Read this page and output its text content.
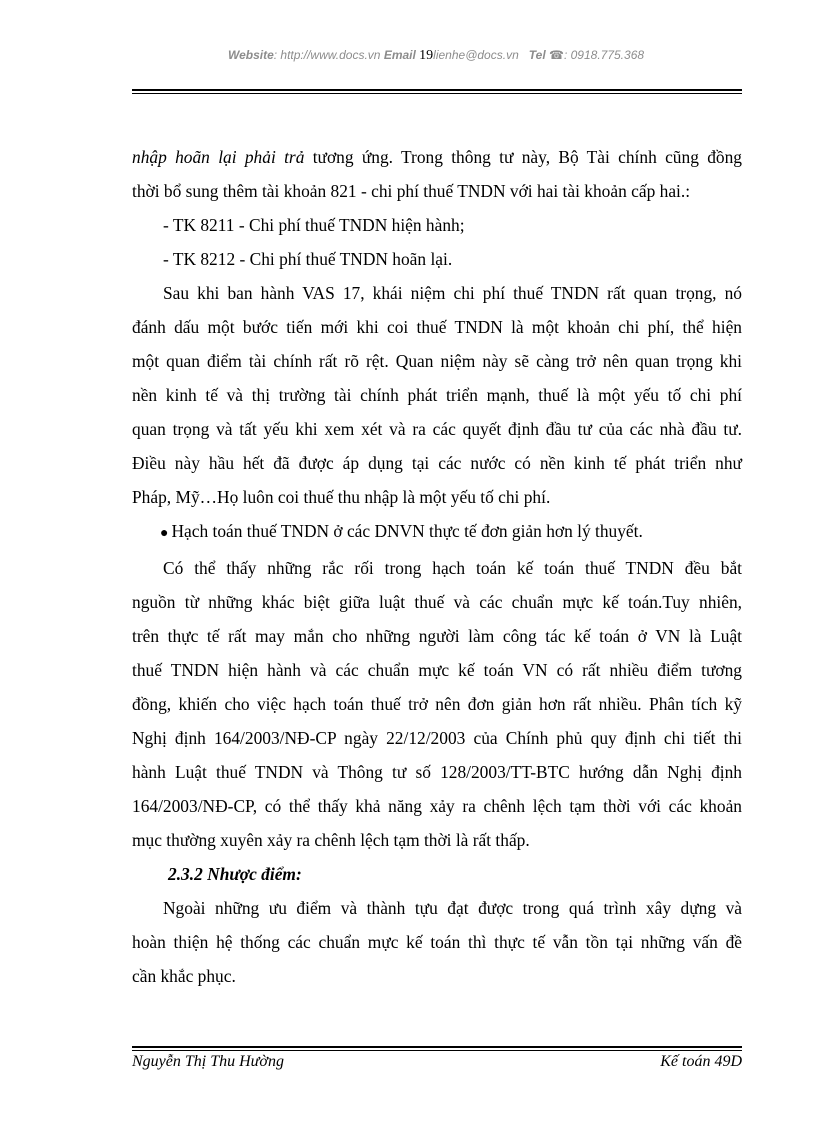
Website: http://www.docs.vn Email 19lienhe@docs.vn Tel ☎: 0918.775.368

nhập hoãn lại phải trả tương ứng. Trong thông tư này, Bộ Tài chính cũng đồng

thời bổ sung thêm tài khoản 821 - chi phí thuế TNDN với hai tài khoản cấp hai.:

- TK 8211 - Chi phí thuế TNDN hiện hành;

- TK 8212 - Chi phí thuế TNDN hoãn lại.

Sau khi ban hành VAS 17, khái niệm chi phí thuế TNDN rất quan trọng, nó

đánh dấu một bước tiến mới khi coi thuế TNDN là một khoản chi phí, thể hiện

một quan điểm tài chính rất rõ rệt. Quan niệm này sẽ càng trở nên quan trọng khi

nền kinh tế và thị trường tài chính phát triển mạnh, thuế là một yếu tố chi phí

quan trọng và tất yếu khi xem xét và ra các quyết định đầu tư của các nhà đầu tư.

Điều này hầu hết đã được áp dụng tại các nước có nền kinh tế phát triển như

Pháp, Mỹ…Họ luôn coi thuế thu nhập là một yếu tố chi phí.

● Hạch toán thuế TNDN ở các DNVN thực tế đơn giản hơn lý thuyết.

Có thể thấy những rắc rối trong hạch toán kế toán thuế TNDN đều bắt

nguồn từ những khác biệt giữa luật thuế và các chuẩn mực kế toán.Tuy nhiên,

trên thực tế rất may mắn cho những người làm công tác kế toán ở VN là Luật

thuế TNDN hiện hành và các chuẩn mực kế toán VN có rất nhiều điểm tương

đồng, khiến cho việc hạch toán thuế trở nên đơn giản hơn rất nhiều. Phân tích kỹ

Nghị định 164/2003/NĐ-CP ngày 22/12/2003 của Chính phủ quy định chi tiết thi

hành Luật thuế TNDN và Thông tư số 128/2003/TT-BTC hướng dẫn Nghị định

164/2003/NĐ-CP, có thể thấy khả năng xảy ra chênh lệch tạm thời với các khoản

mục thường xuyên xảy ra chênh lệch tạm thời là rất thấp.

2.3.2 Nhược điểm:

Ngoài những ưu điểm và thành tựu đạt được trong quá trình xây dựng và

hoàn thiện hệ thống các chuẩn mực kế toán thì thực tế vẫn tồn tại những vấn đề

cần khắc phục.

Nguyễn Thị Thu Hường	Kế toán 49D
